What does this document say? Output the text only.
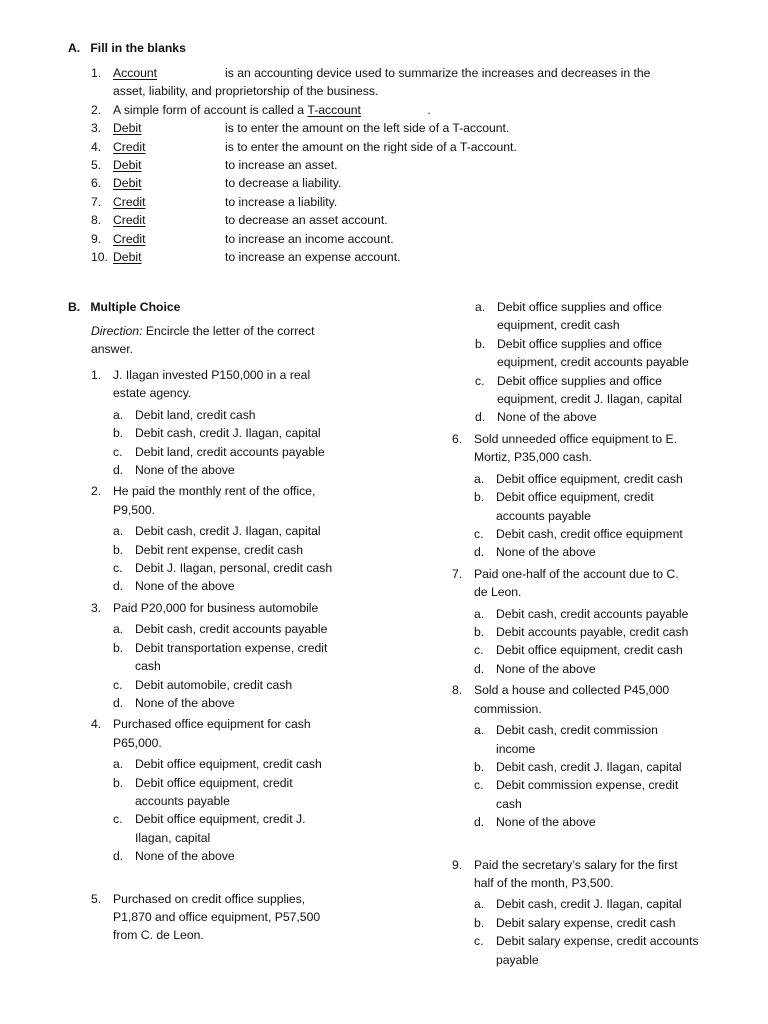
A. Fill in the blanks
1. Account	is an accounting device used to summarize the increases and decreases in the
asset, liability, and proprietorship of the business.
2. A simple form of account is called a T-account	.
3. Debit	is to enter the amount on the left side of a T-account.
4. Credit	is to enter the amount on the right side of a T-account.
5. Debit	to increase an asset.
6. Debit	to decrease a liability.
7. Credit	to increase a liability.
8. Credit	to decrease an asset account.
9. Credit	to increase an income account.
10. Debit	to increase an expense account.
B. Multiple Choice
Direction: Encircle the letter of the correct
answer.
1. J. Ilagan invested P150,000 in a real
estate agency.
a. Debit land, credit cash
b. Debit cash, credit J. Ilagan, capital
c. Debit land, credit accounts payable
d. None of the above
2. He paid the monthly rent of the office,
P9,500.
a. Debit cash, credit J. Ilagan, capital
b. Debit rent expense, credit cash
c. Debit J. Ilagan, personal, credit cash
d. None of the above
3. Paid P20,000 for business automobile
a. Debit cash, credit accounts payable
b. Debit transportation expense, credit
cash
c. Debit automobile, credit cash
d. None of the above
4. Purchased office equipment for cash
P65,000.
a. Debit office equipment, credit cash
b. Debit office equipment, credit
accounts payable
c. Debit office equipment, credit J.
Ilagan, capital
d. None of the above
5. Purchased on credit office supplies,
P1,870 and office equipment, P57,500
from C. de Leon.
a. Debit office supplies and office
equipment, credit cash
b. Debit office supplies and office
equipment, credit accounts payable
c. Debit office supplies and office
equipment, credit J. Ilagan, capital
d. None of the above
6. Sold unneeded office equipment to E.
Mortiz, P35,000 cash.
a. Debit office equipment, credit cash
b. Debit office equipment, credit
accounts payable
c. Debit cash, credit office equipment
d. None of the above
7. Paid one-half of the account due to C.
de Leon.
a. Debit cash, credit accounts payable
b. Debit accounts payable, credit cash
c. Debit office equipment, credit cash
d. None of the above
8. Sold a house and collected P45,000
commission.
a. Debit cash, credit commission
income
b. Debit cash, credit J. Ilagan, capital
c. Debit commission expense, credit
cash
d. None of the above
9. Paid the secretary’s salary for the first
half of the month, P3,500.
a. Debit cash, credit J. Ilagan, capital
b. Debit salary expense, credit cash
c. Debit salary expense, credit accounts
payable
